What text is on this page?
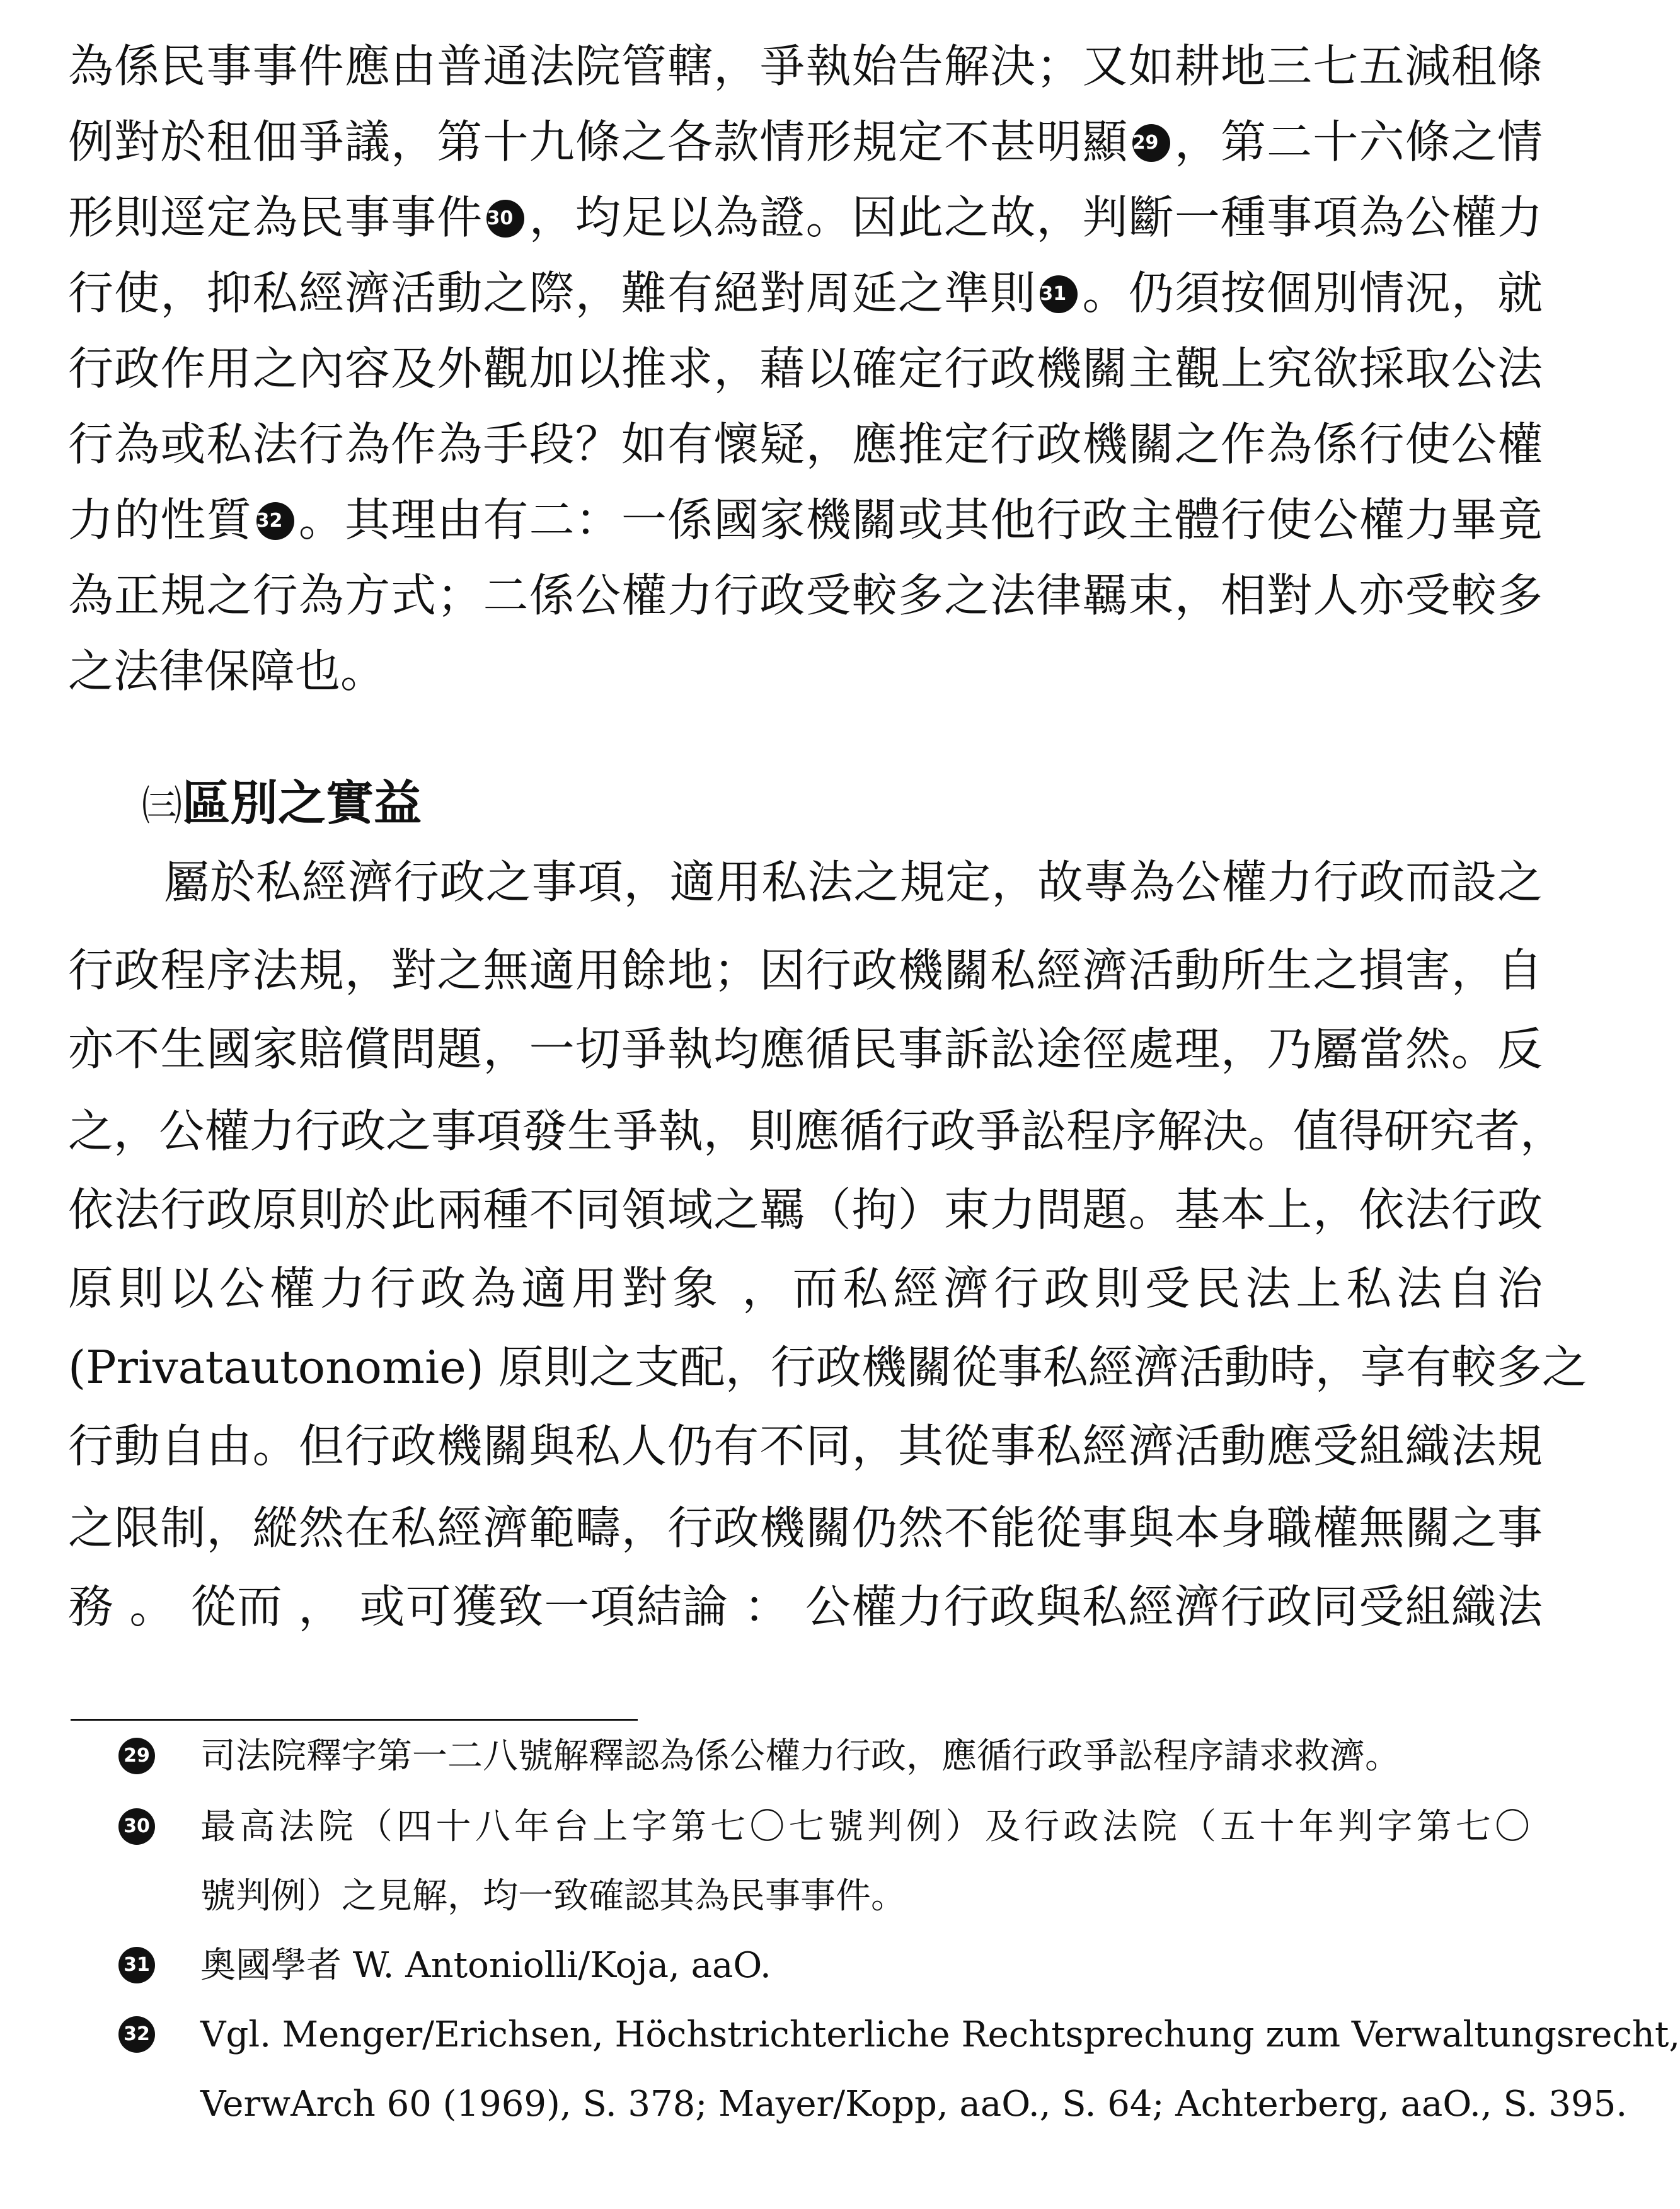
為係民事事件應由普通法院管轄，爭執始告解決；又如耕地三七五減租條
例對於租佃爭議，第十九條之各款情形規定不甚明顯 29 ，第二十六條之情
形則逕定為民事事件 30 ，均足以為證。因此之故，判斷一種事項為公權力
行使，抑私經濟活動之際，難有絕對周延之準則 31 。仍須按個別情況，就
行政作用之內容及外觀加以推求，藉以確定行政機關主觀上究欲採取公法
行為或私法行為作為手段？如有懷疑，應推定行政機關之作為係行使公權
力的性質 32 。其理由有二：一係國家機關或其他行政主體行使公權力畢竟
為正規之行為方式；二係公權力行政受較多之法律羈束，相對人亦受較多
之法律保障也。
㈢區別之實益
屬於私經濟行政之事項，適用私法之規定，故專為公權力行政而設之
行政程序法規，對之無適用餘地；因行政機關私經濟活動所生之損害，自
亦不生國家賠償問題，一切爭執均應循民事訴訟途徑處理，乃屬當然。反
之，公權力行政之事項發生爭執，則應循行政爭訟程序解決。值得研究者，
依法行政原則於此兩種不同領域之羈（拘）束力問題。基本上，依法行政
原則以公權力行政為適用對象 ，而私經濟行政則受民法上私法自治
(Privatautonomie) 原則之支配，行政機關從事私經濟活動時，享有較多之
行動自由。但行政機關與私人仍有不同，其從事私經濟活動應受組織法規
之限制，縱然在私經濟範疇，行政機關仍然不能從事與本身職權無關之事
務 。 從而 ， 或可獲致一項結論 ： 公權力行政與私經濟行政同受組織法
29 司法院釋字第一二八號解釋認為係公權力行政，應循行政爭訟程序請求救濟。
30 最高法院（四十八年台上字第七〇七號判例）及行政法院（五十年判字第七〇
號判例）之見解，均一致確認其為民事事件。
31 奧國學者 W. Antoniolli/Koja, aaO.
32 Vgl. Menger/Erichsen, Höchstrichterliche Rechtsprechung zum Verwaltungsrecht,
VerwArch 60 (1969), S. 378; Mayer/Kopp, aaO., S. 64; Achterberg, aaO., S. 395.
